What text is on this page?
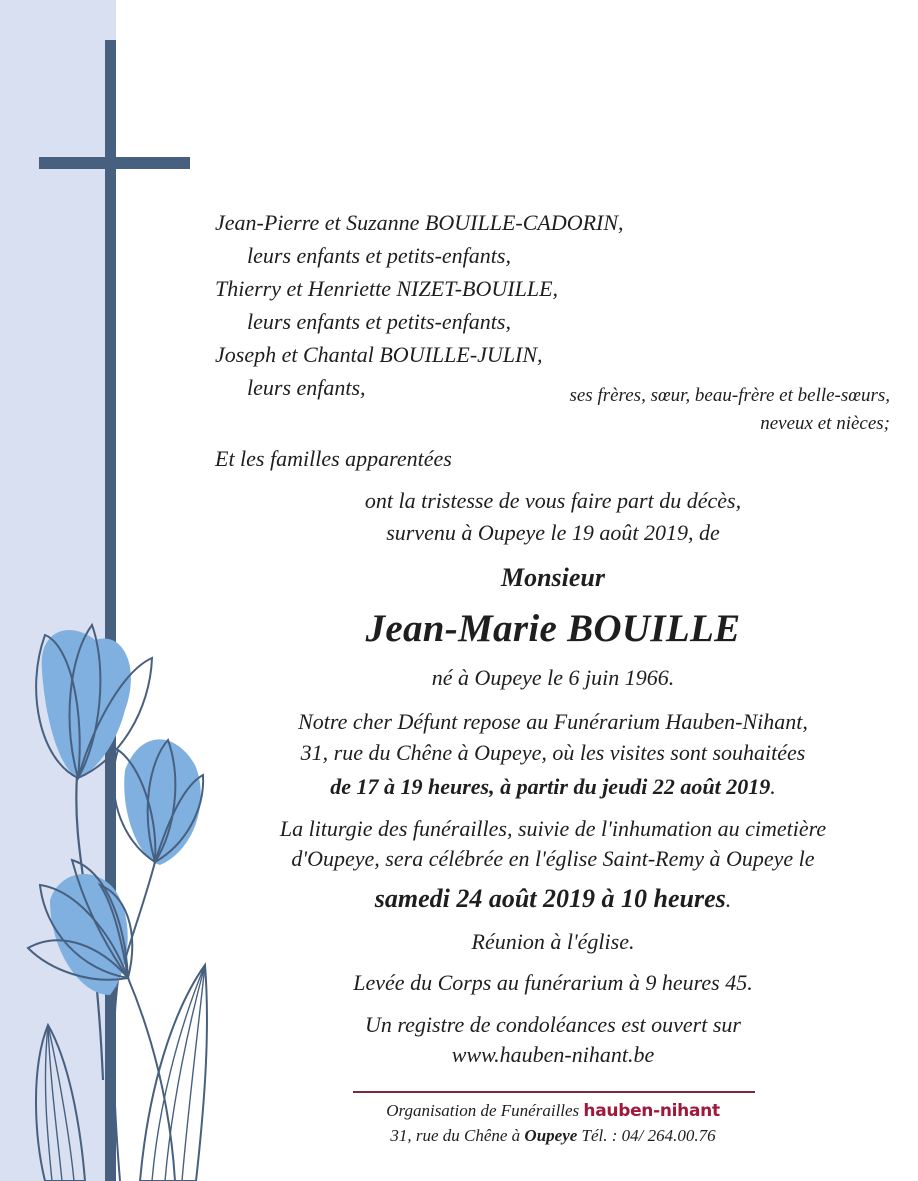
Jean-Pierre et Suzanne BOUILLE-CADORIN,
leurs enfants et petits-enfants,
Thierry et Henriette NIZET-BOUILLE,
leurs enfants et petits-enfants,
Joseph et Chantal BOUILLE-JULIN,
leurs enfants,	ses frères, sœur, beau-frère et belle-sœurs,
neveux et nièces;
Et les familles apparentées
ont la tristesse de vous faire part du décès,
survenu à Oupeye le 19 août 2019, de
Monsieur
Jean-Marie BOUILLE
né à Oupeye le 6 juin 1966.
Notre cher Défunt repose au Funérarium Hauben-Nihant,
31, rue du Chêne à Oupeye, où les visites sont souhaitées
de 17 à 19 heures, à partir du jeudi 22 août 2019.
La liturgie des funérailles, suivie de l'inhumation au cimetière
d'Oupeye, sera célébrée en l'église Saint-Remy à Oupeye le
samedi 24 août 2019 à 10 heures.
Réunion à l'église.
Levée du Corps au funérarium à 9 heures 45.
Un registre de condoléances est ouvert sur
www.hauben-nihant.be
Organisation de Funérailles hauben-nihant
31, rue du Chêne à Oupeye Tél. : 04/ 264.00.76
